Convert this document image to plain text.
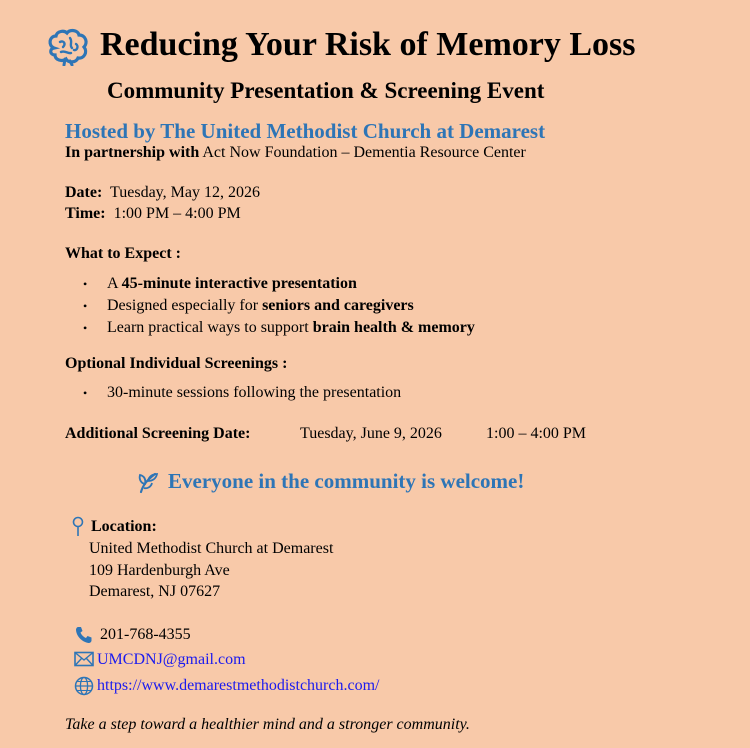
Reducing Your Risk of Memory Loss
Community Presentation & Screening Event
Hosted by The United Methodist Church at Demarest
In partnership with Act Now Foundation – Dementia Resource Center
Date: Tuesday, May 12, 2026
Time: 1:00 PM – 4:00 PM
What to Expect :
• A 45-minute interactive presentation
• Designed especially for seniors and caregivers
• Learn practical ways to support brain health & memory
Optional Individual Screenings :
• 30-minute sessions following the presentation
Additional Screening Date:	Tuesday, June 9, 2026	1:00 – 4:00 PM
Everyone in the community is welcome!
Location:
United Methodist Church at Demarest
109 Hardenburgh Ave
Demarest, NJ 07627
201-768-4355
UMCDNJ@gmail.com
https://www.demarestmethodistchurch.com/
Take a step toward a healthier mind and a stronger community.
